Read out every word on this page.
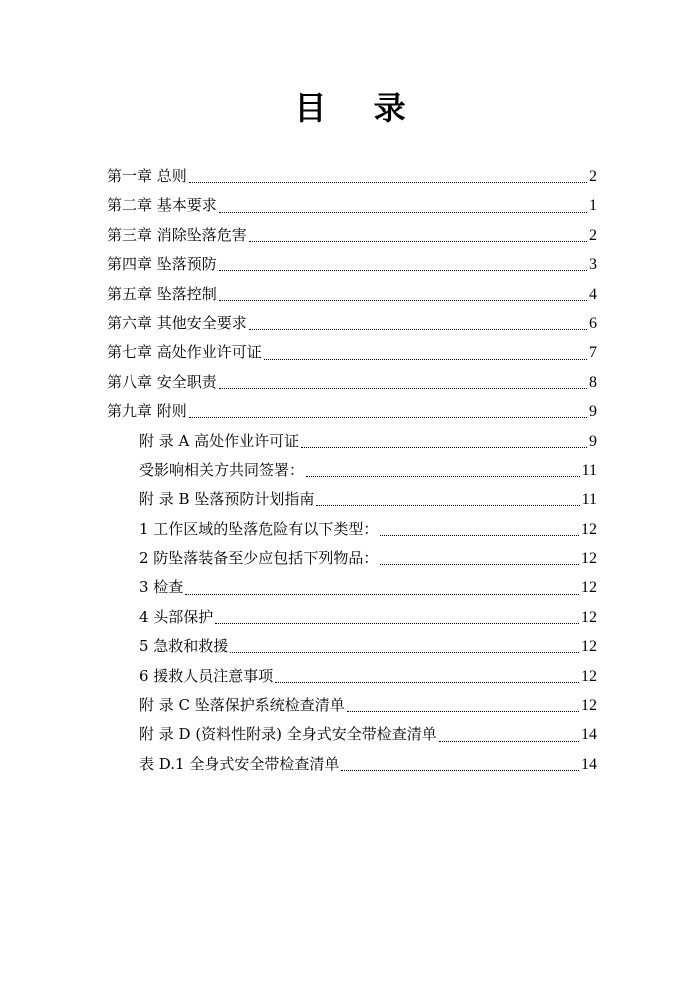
目 录
第一章 总则	2
第二章 基本要求	1
第三章 消除坠落危害	2
第四章 坠落预防	3
第五章 坠落控制	4
第六章 其他安全要求	6
第七章 高处作业许可证	7
第八章 安全职责	8
第九章 附则	9
附 录 A 高处作业许可证	9
受影响相关方共同签署：	11
附 录 B 坠落预防计划指南	11
1 工作区域的坠落危险有以下类型：	12
2 防坠落装备至少应包括下列物品：	12
3 检查	12
4 头部保护	12
5 急救和救援	12
6 援救人员注意事项	12
附 录 C 坠落保护系统检查清单	12
附 录 D (资料性附录) 全身式安全带检查清单	14
表 D.1 全身式安全带检查清单	14
